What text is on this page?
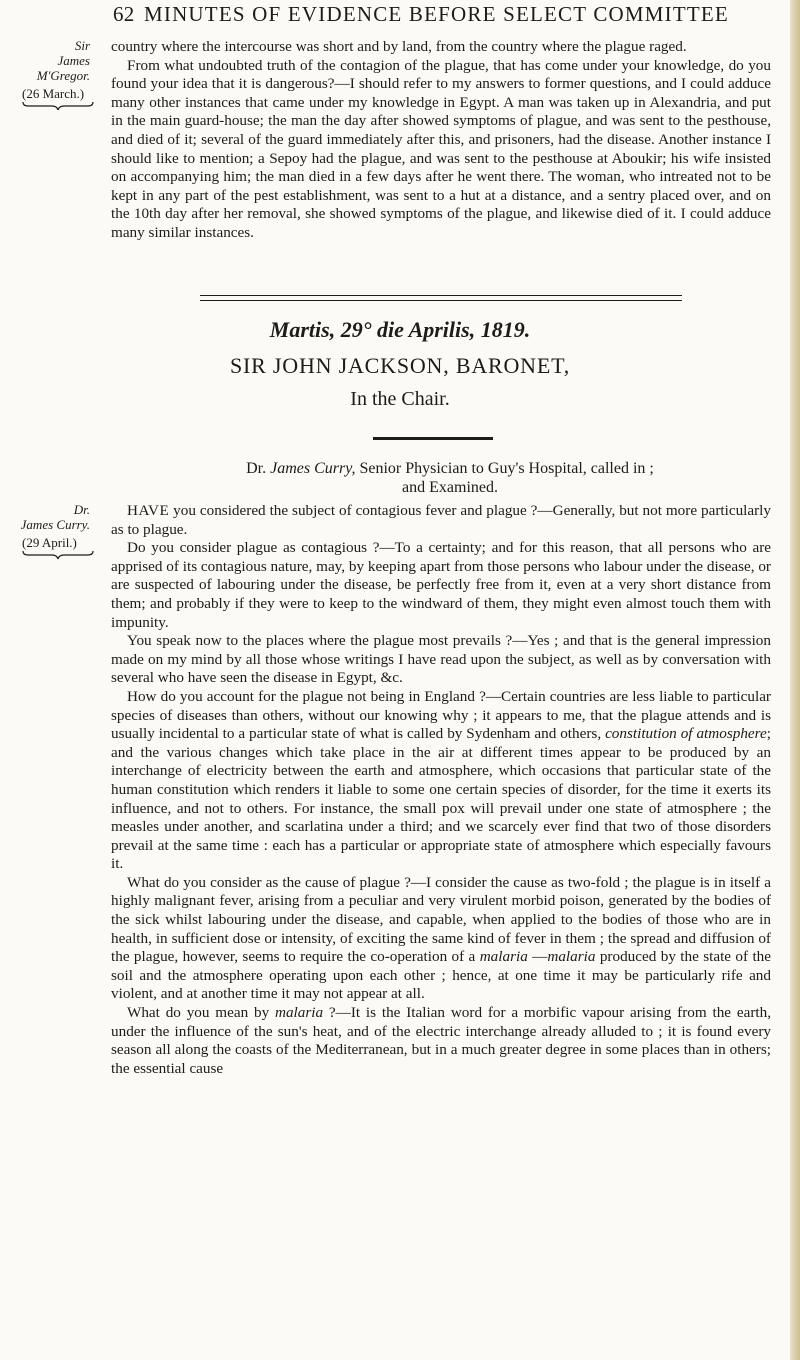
62 MINUTES OF EVIDENCE BEFORE SELECT COMMITTEE
Sir
James M'Gregor.
(26 March.)

country where the intercourse was short and by land, from the country where the plague raged.

From what undoubted truth of the contagion of the plague, that has come under your knowledge, do you found your idea that it is dangerous?—I should refer to my answers to former questions, and I could adduce many other instances that came under my knowledge in Egypt. A man was taken up in Alexandria, and put in the main guard-house; the man the day after showed symptoms of plague, and was sent to the pesthouse, and died of it; several of the guard immediately after this, and prisoners, had the disease. Another instance I should like to mention; a Sepoy had the plague, and was sent to the pesthouse at Aboukir; his wife insisted on accompanying him; the man died in a few days after he went there. The woman, who intreated not to be kept in any part of the pest establishment, was sent to a hut at a distance, and a sentry placed over, and on the 10th day after her removal, she showed symptoms of the plague, and likewise died of it. I could adduce many similar instances.

Martis, 29° die Aprilis, 1819.
SIR JOHN JACKSON, BARONET,
In the Chair.
Dr. James Curry, Senior Physician to Guy's Hospital, called in ;
and Examined.
Dr.
James Curry.
(29 April.)

HAVE you considered the subject of contagious fever and plague ?—Generally, but not more particularly as to plague.

Do you consider plague as contagious ?—To a certainty; and for this reason, that all persons who are apprised of its contagious nature, may, by keeping apart from those persons who labour under the disease, or are suspected of labouring under the disease, be perfectly free from it, even at a very short distance from them; and probably if they were to keep to the windward of them, they might even almost touch them with impunity.

You speak now to the places where the plague most prevails ?—Yes ; and that is the general impression made on my mind by all those whose writings I have read upon the subject, as well as by conversation with several who have seen the disease in Egypt, &c.

How do you account for the plague not being in England ?—Certain countries are less liable to particular species of diseases than others, without our knowing why ; it appears to me, that the plague attends and is usually incidental to a particular state of what is called by Sydenham and others, constitution of atmosphere; and the various changes which take place in the air at different times appear to be produced by an interchange of electricity between the earth and atmosphere, which occasions that particular state of the human constitution which renders it liable to some one certain species of disorder, for the time it exerts its influence, and not to others. For instance, the small pox will prevail under one state of atmosphere ; the measles under another, and scarlatina under a third; and we scarcely ever find that two of those disorders prevail at the same time : each has a particular or appropriate state of atmosphere which especially favours it.

What do you consider as the cause of plague ?—I consider the cause as two-fold ; the plague is in itself a highly malignant fever, arising from a peculiar and very virulent morbid poison, generated by the bodies of the sick whilst labouring under the disease, and capable, when applied to the bodies of those who are in health, in sufficient dose or intensity, of exciting the same kind of fever in them ; the spread and diffusion of the plague, however, seems to require the co-operation of a malaria —malaria produced by the state of the soil and the atmosphere operating upon each other ; hence, at one time it may be particularly rife and violent, and at another time it may not appear at all.

What do you mean by malaria ?—It is the Italian word for a morbific vapour arising from the earth, under the influence of the sun's heat, and of the electric interchange already alluded to ; it is found every season all along the coasts of the Mediterranean, but in a much greater degree in some places than in others; the essential cause
